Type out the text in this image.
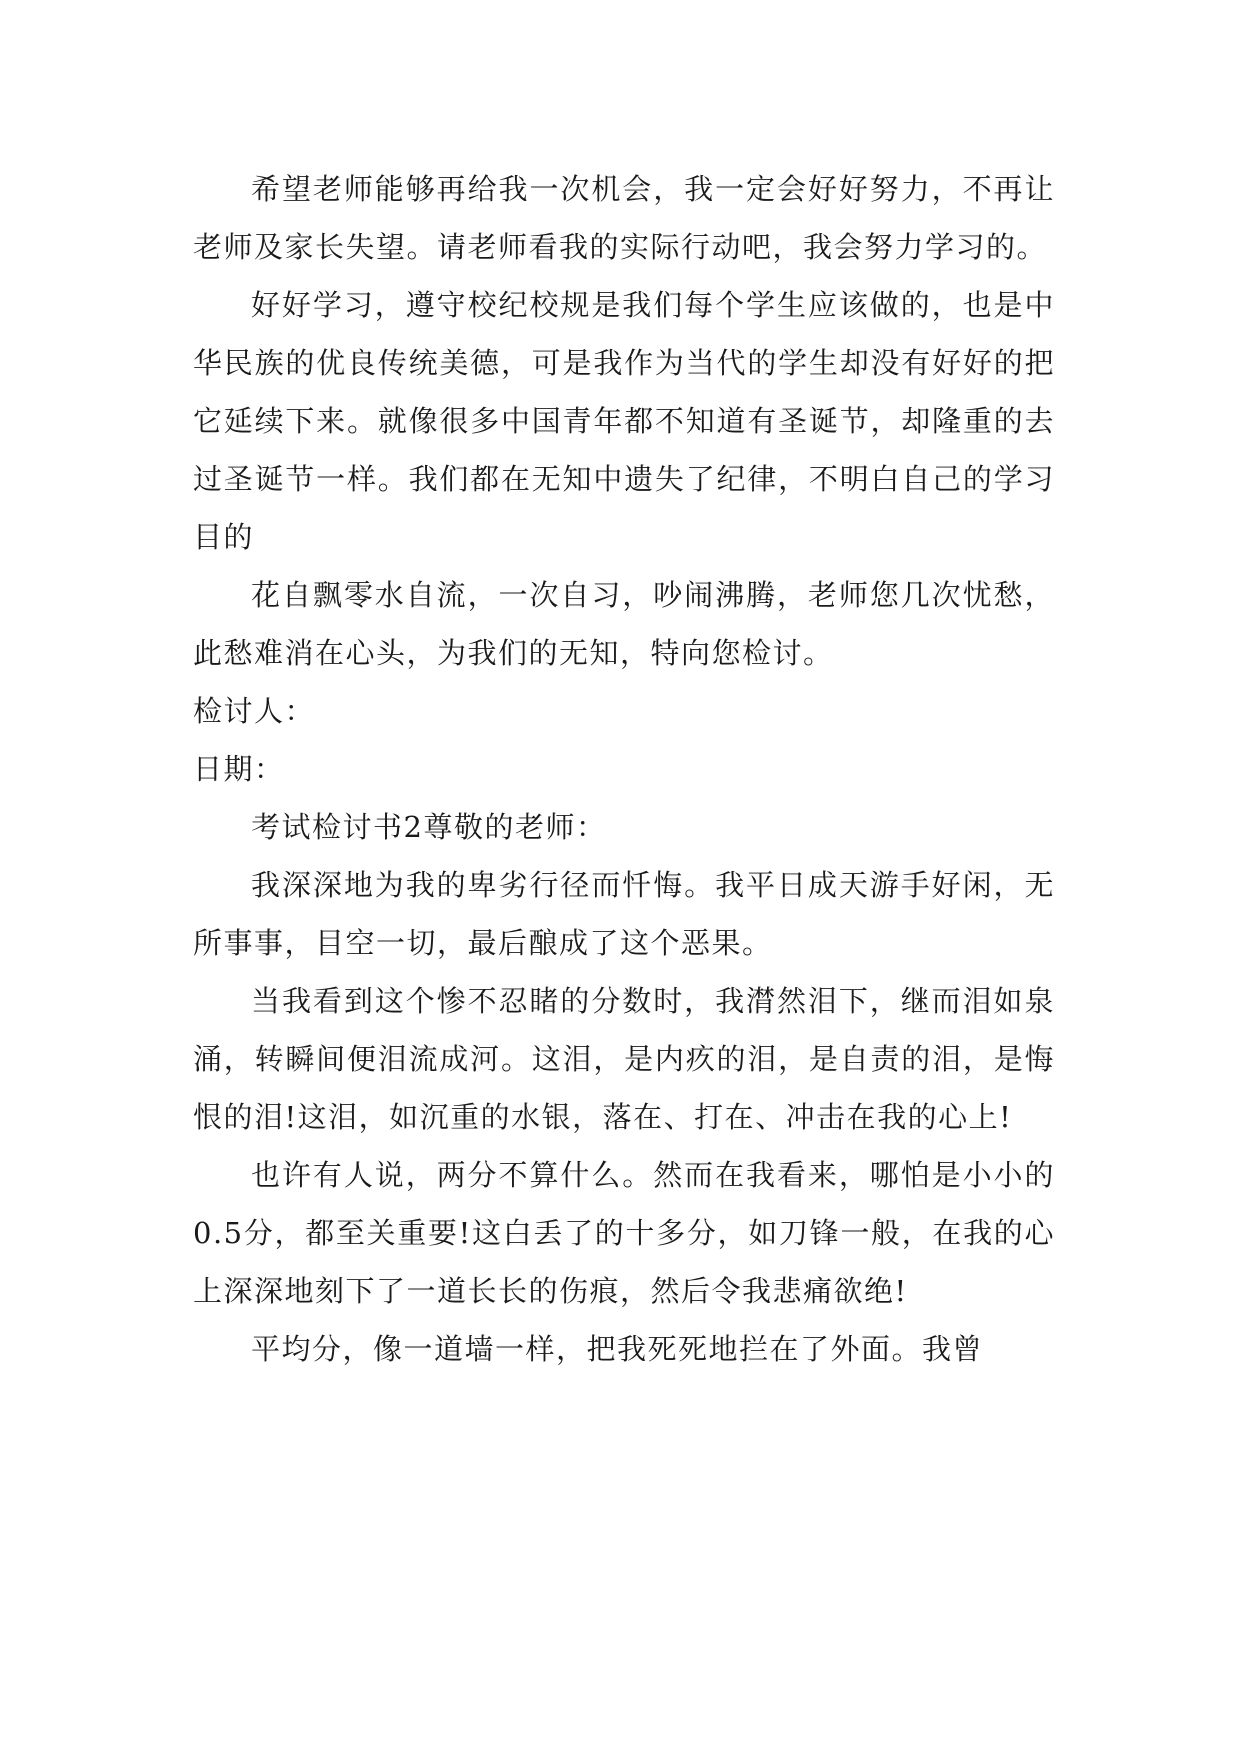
希望老师能够再给我一次机会，我一定会好好努力，不再让老师及家长失望。请老师看我的实际行动吧，我会努力学习的。

好好学习，遵守校纪校规是我们每个学生应该做的，也是中华民族的优良传统美德，可是我作为当代的学生却没有好好的把它延续下来。就像很多中国青年都不知道有圣诞节，却隆重的去过圣诞节一样。我们都在无知中遗失了纪律，不明白自己的学习目的

花自飘零水自流，一次自习，吵闹沸腾，老师您几次忧愁，此愁难消在心头，为我们的无知，特向您检讨。

检讨人：

日期：

考试检讨书2尊敬的老师：

我深深地为我的卑劣行径而忏悔。我平日成天游手好闲，无所事事，目空一切，最后酿成了这个恶果。

当我看到这个惨不忍睹的分数时，我潸然泪下，继而泪如泉涌，转瞬间便泪流成河。这泪，是内疚的泪，是自责的泪，是悔恨的泪!这泪，如沉重的水银，落在、打在、冲击在我的心上!

也许有人说，两分不算什么。然而在我看来，哪怕是小小的0.5分，都至关重要!这白丢了的十多分，如刀锋一般，在我的心上深深地刻下了一道长长的伤痕，然后令我悲痛欲绝!

平均分，像一道墙一样，把我死死地拦在了外面。我曾
